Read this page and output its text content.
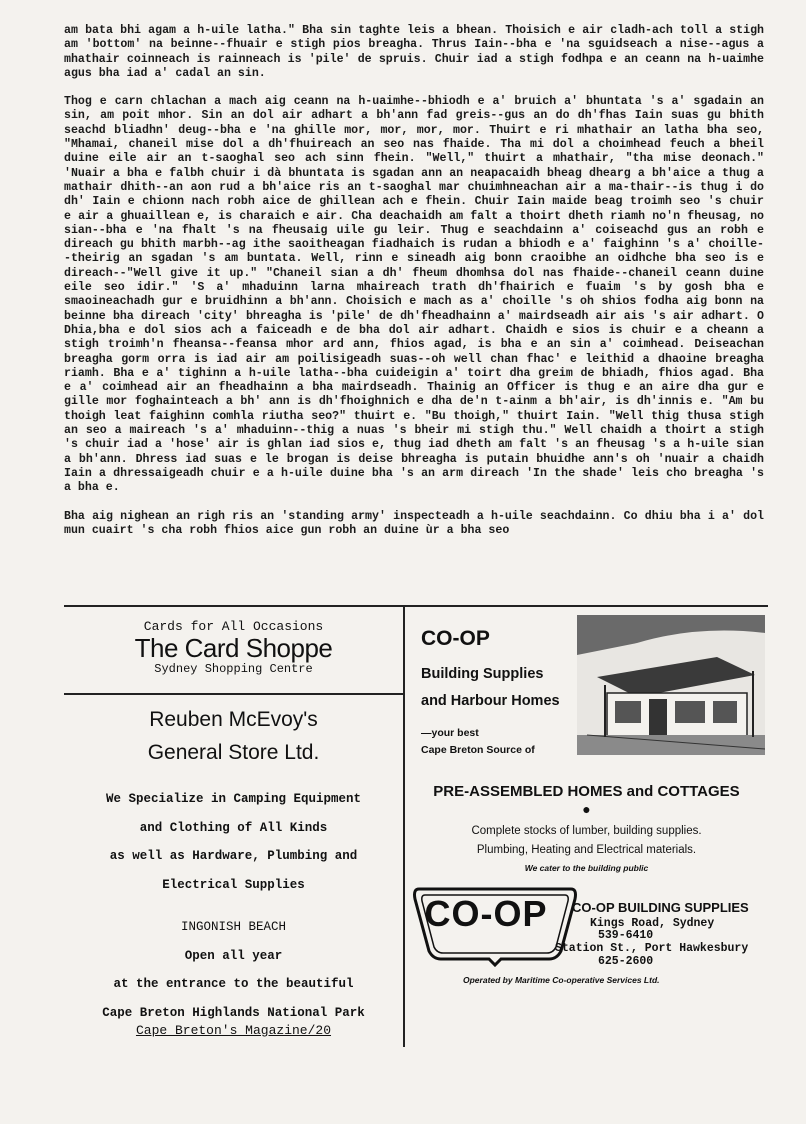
am bata bhi agam a h-uile latha." Bha sin taghte leis a bhean. Thoisich e air cladh-ach toll a stigh am 'bottom' na beinne--fhuair e stigh pios breagha. Thrus Iain--bha e 'na sguidseach a nise--agus a mhathair coinneach is rainneach is 'pile' de spruis. Chuir iad a stigh fodhpa e an ceann na h-uaimhe agus bha iad a' cadal an sin.

Thog e carn chlachan a mach aig ceann na h-uaimhe--bhiodh e a' bruich a' bhuntata 's a' sgadain an sin, am poit mhor. Sin an dol air adhart a bh'ann fad greis--gus an do dh'fhas Iain suas gu bhith seachd bliadhn' deug--bha e 'na ghille mor, mor, mor, mor. Thuirt e ri mhathair an latha bha seo, "Mhamai, chaneil mise dol a dh'fhuireach an seo nas fhaide. Tha mi dol a choimhead feuch a bheil duine eile air an t-saoghal seo ach sinn fhein. "Well," thuirt a mhathair, "tha mise deonach." 'Nuair a bha e falbh chuir i dà bhuntata is sgadan ann an neapacaidh bheag dhearg a bh'aice a thug a mathair dhith--an aon rud a bh'aice ris an t-saoghal mar chuimhneachan air a ma-thair--is thug i do dh' Iain e chionn nach robh aice de ghillean ach e fhein. Chuir Iain maide beag troimh seo 's chuir e air a ghuaillean e, is charaich e air. Cha deachaidh am falt a thoirt dheth riamh no'n fheusag, no sian--bha e 'na fhalt 's na fheusaig uile gu leir. Thug e seachdainn a' coiseachd gus an robh e direach gu bhith marbh--ag ithe saoitheagan fiadhaich is rudan a bhiodh e a' faighinn 's a' choille--theirig an sgadan 's am buntata. Well, rinn e sineadh aig bonn craoibhe an oidhche bha seo is e direach--"Well give it up." "Chaneil sian a dh' fheum dhomhsa dol nas fhaide--chaneil ceann duine eile seo idir." 'S a' mhaduinn larna mhaireach trath dh'fhairich e fuaim 's by gosh bha e smaoineachadh gur e bruidhinn a bh'ann. Choisich e mach as a' choille 's oh shios fodha aig bonn na beinne bha direach 'city' bhreagha is 'pile' de dh'fheadhainn a' mairdseadh air ais 's air adhart. O Dhia,bha e dol sios ach a faiceadh e de bha dol air adhart. Chaidh e sios is chuir e a cheann a stigh troimh'n fheansa--feansa mhor ard ann, fhios agad, is bha e an sin a' coimhead. Deiseachan breagha gorm orra is iad air am poilisigeadh suas--oh well chan fhac' e leithid a dhaoine breagha riamh. Bha e a' tighinn a h-uile latha--bha cuideigin a' toirt dha greim de bhiadh, fhios agad. Bha e a' coimhead air an fheadhainn a bha mairdseadh. Thainig an Officer is thug e an aire dha gur e gille mor foghainteach a bh' ann is dh'fhoighnich e dha de'n t-ainm a bh'air, is dh'innis e. "Am bu thoigh leat faighinn comhla riutha seo?" thuirt e. "Bu thoigh," thuirt Iain. "Well thig thusa stigh an seo a maireach 's a' mhaduinn--thig a nuas 's bheir mi stigh thu." Well chaidh a thoirt a stigh 's chuir iad a 'hose' air is ghlan iad sios e, thug iad dheth am falt 's an fheusag 's a h-uile sian a bh'ann. Dhress iad suas e le brogan is deise bhreagha is putain bhuidhe ann's oh 'nuair a chaidh Iain a dhressaigeadh chuir e a h-uile duine bha 's an arm direach 'In the shade' leis cho breagha 's a bha e.

Bha aig nighean an righ ris an 'standing army' inspecteadh a h-uile seachdainn. Co dhiu bha i a' dol mun cuairt 's cha robh fhios aice gun robh an duine ùr a bha seo

Cards for All Occasions
The Card Shoppe
Sydney Shopping Centre
Reuben McEvoy's
General Store Ltd.
We Specialize in Camping Equipment
and Clothing of All Kinds
as well as Hardware, Plumbing and
Electrical Supplies
INGONISH BEACH
Open all year
at the entrance to the beautiful
Cape Breton Highlands National Park
Cape Breton's Magazine/20
CO-OP
Building Supplies
and Harbour Homes
—your best
Cape Breton Source of
PRE-ASSEMBLED HOMES and COTTAGES
●
Complete stocks of lumber, building supplies.
Plumbing, Heating and Electrical materials.
We cater to the building public
CO-OP	CO-OP BUILDING SUPPLIES
Kings Road, Sydney
539-6410
Station St., Port Hawkesbury
625-2600
Operated by Maritime Co-operative Services Ltd.
